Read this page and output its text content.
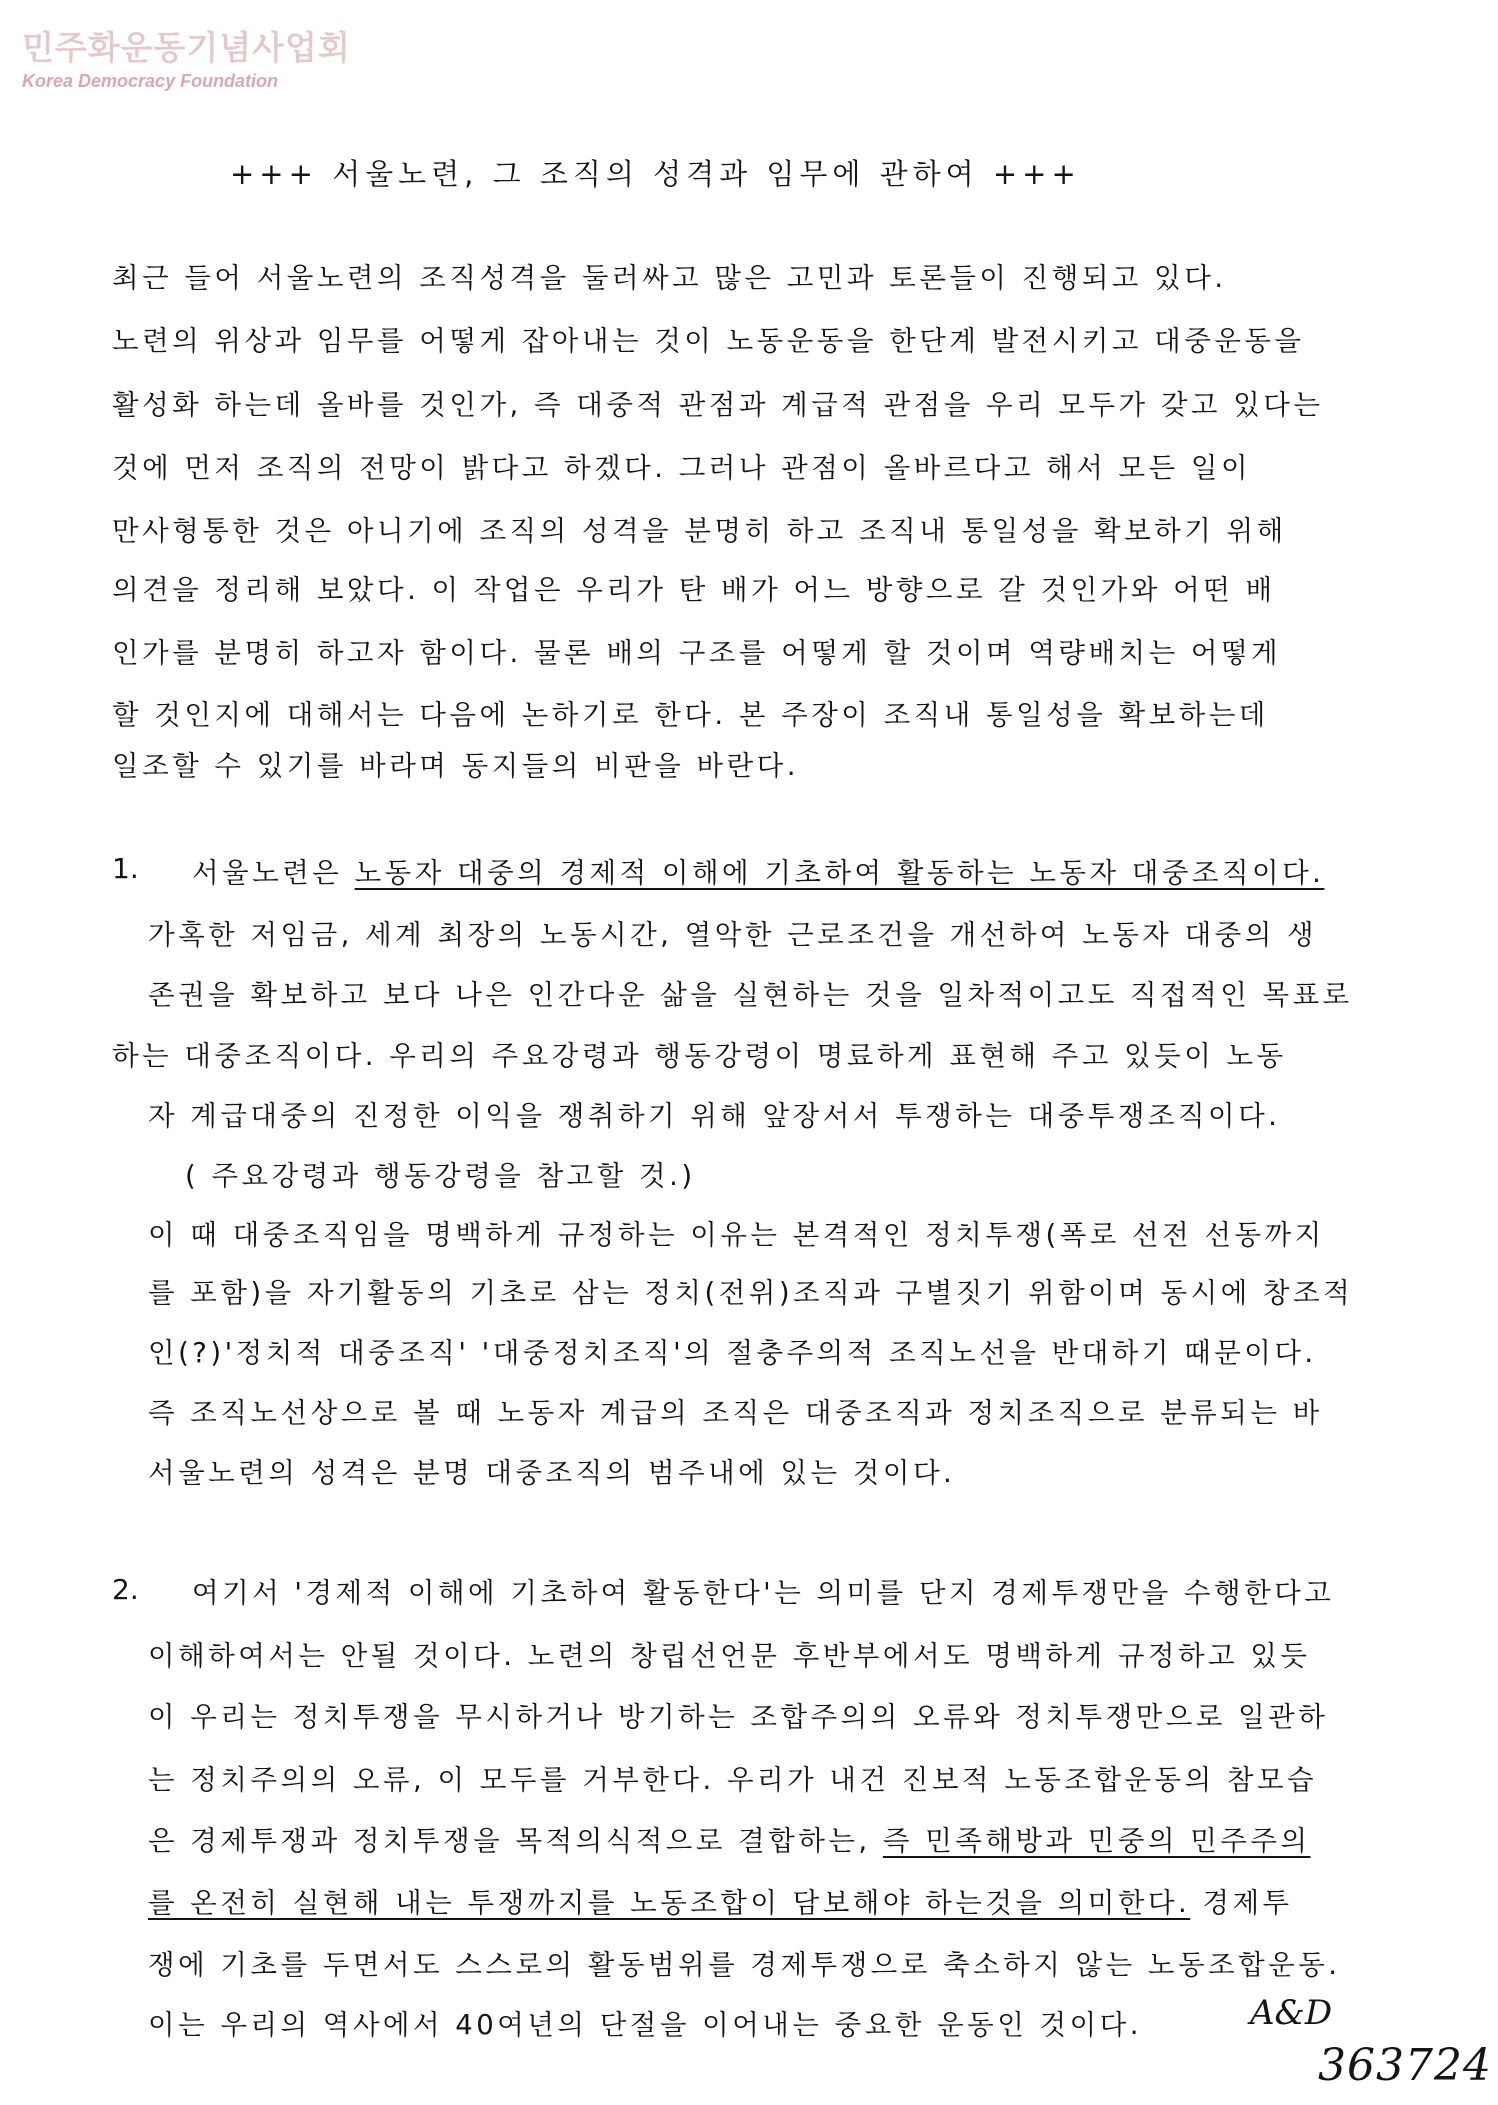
민주화운동기념사업회
Korea Democracy Foundation
+++ 서울노련, 그 조직의 성격과 임무에 관하여 +++
최근 들어 서울노련의 조직성격을 둘러싸고 많은 고민과 토론들이 진행되고 있다.
노련의 위상과 임무를 어떻게 잡아내는 것이 노동운동을 한단계 발전시키고 대중운동을
활성화 하는데 올바를 것인가, 즉 대중적 관점과 계급적 관점을 우리 모두가 갖고 있다는
것에 먼저 조직의 전망이 밝다고 하겠다. 그러나 관점이 올바르다고 해서 모든 일이
만사형통한 것은 아니기에 조직의 성격을 분명히 하고 조직내 통일성을 확보하기 위해
의견을 정리해 보았다. 이 작업은 우리가 탄 배가 어느 방향으로 갈 것인가와 어떤 배
인가를 분명히 하고자 함이다. 물론 배의 구조를 어떻게 할 것이며 역량배치는 어떻게
할 것인지에 대해서는 다음에 논하기로 한다. 본 주장이 조직내 통일성을 확보하는데
일조할 수 있기를 바라며 동지들의 비판을 바란다.
1. 서울노련은 노동자 대중의 경제적 이해에 기초하여 활동하는 노동자 대중조직이다.
가혹한 저임금, 세계 최장의 노동시간, 열악한 근로조건을 개선하여 노동자 대중의 생
존권을 확보하고 보다 나은 인간다운 삶을 실현하는 것을 일차적이고도 직접적인 목표로
하는 대중조직이다. 우리의 주요강령과 행동강령이 명료하게 표현해 주고 있듯이 노동
자 계급대중의 진정한 이익을 쟁취하기 위해 앞장서서 투쟁하는 대중투쟁조직이다.
( 주요강령과 행동강령을 참고할 것.)
이 때 대중조직임을 명백하게 규정하는 이유는 본격적인 정치투쟁(폭로 선전 선동까지
를 포함)을 자기활동의 기초로 삼는 정치(전위)조직과 구별짓기 위함이며 동시에 창조적
인(?)'정치적 대중조직' '대중정치조직'의 절충주의적 조직노선을 반대하기 때문이다.
즉 조직노선상으로 볼 때 노동자 계급의 조직은 대중조직과 정치조직으로 분류되는 바
서울노련의 성격은 분명 대중조직의 범주내에 있는 것이다.
2. 여기서 '경제적 이해에 기초하여 활동한다'는 의미를 단지 경제투쟁만을 수행한다고
이해하여서는 안될 것이다. 노련의 창립선언문 후반부에서도 명백하게 규정하고 있듯
이 우리는 정치투쟁을 무시하거나 방기하는 조합주의의 오류와 정치투쟁만으로 일관하
는 정치주의의 오류, 이 모두를 거부한다. 우리가 내건 진보적 노동조합운동의 참모습
은 경제투쟁과 정치투쟁을 목적의식적으로 결합하는, 즉 민족해방과 민중의 민주주의
를 온전히 실현해 내는 투쟁까지를 노동조합이 담보해야 하는것을 의미한다. 경제투
쟁에 기초를 두면서도 스스로의 활동범위를 경제투쟁으로 축소하지 않는 노동조합운동.
이는 우리의 역사에서 40여년의 단절을 이어내는 중요한 운동인 것이다.	A&D
363724
